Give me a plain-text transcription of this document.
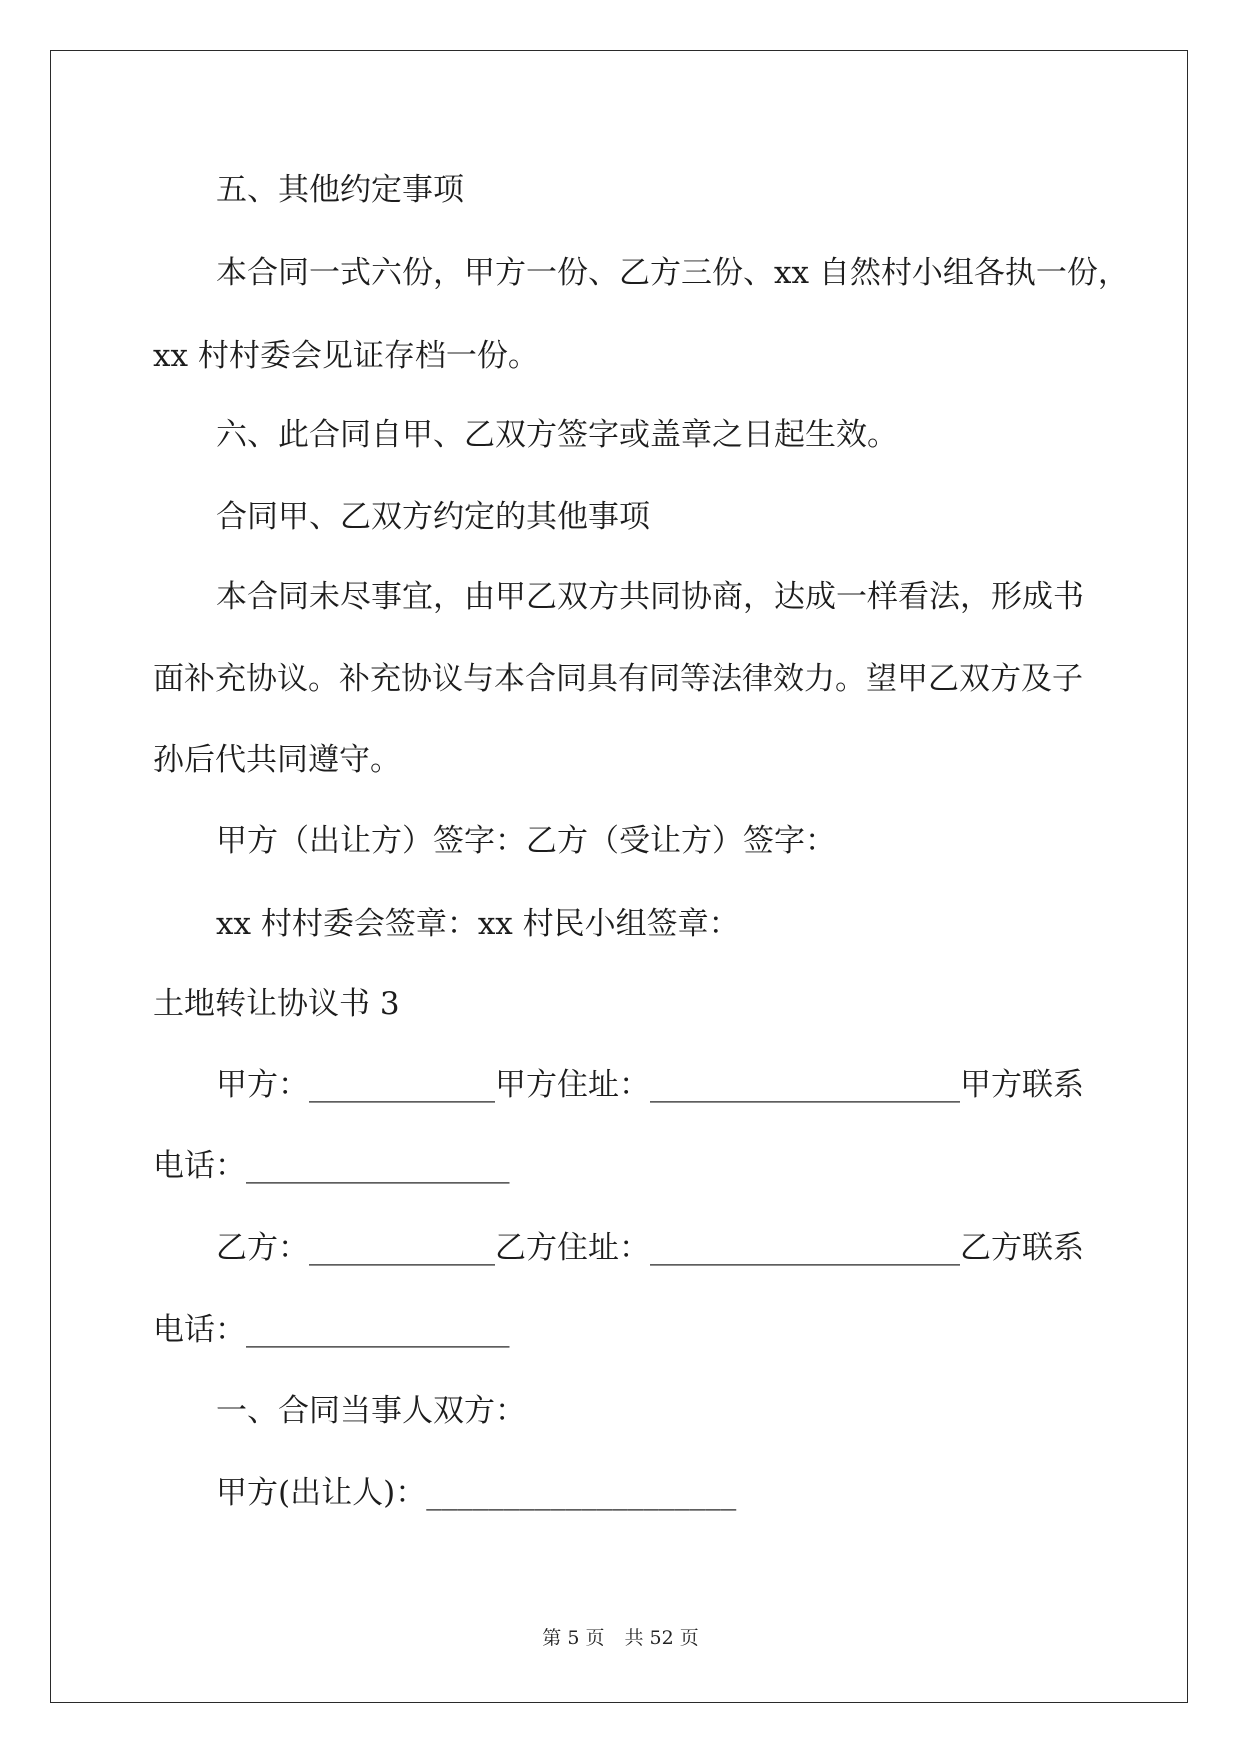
五、其他约定事项
本合同一式六份，甲方一份、乙方三份、xx 自然村小组各执一份，
xx 村村委会见证存档一份。
六、此合同自甲、乙双方签字或盖章之日起生效。
合同甲、乙双方约定的其他事项
本合同未尽事宜，由甲乙双方共同协商，达成一样看法，形成书
面补充协议。补充协议与本合同具有同等法律效力。望甲乙双方及子
孙后代共同遵守。
甲方（出让方）签字：乙方（受让方）签字：
xx 村村委会签章：xx 村民小组签章：
土地转让协议书 3
甲方：____________甲方住址：____________________甲方联系
电话：_________________
乙方：____________乙方住址：____________________乙方联系
电话：_________________
一、合同当事人双方：
甲方(出让人)：____________________
第 5 页 共 52 页
